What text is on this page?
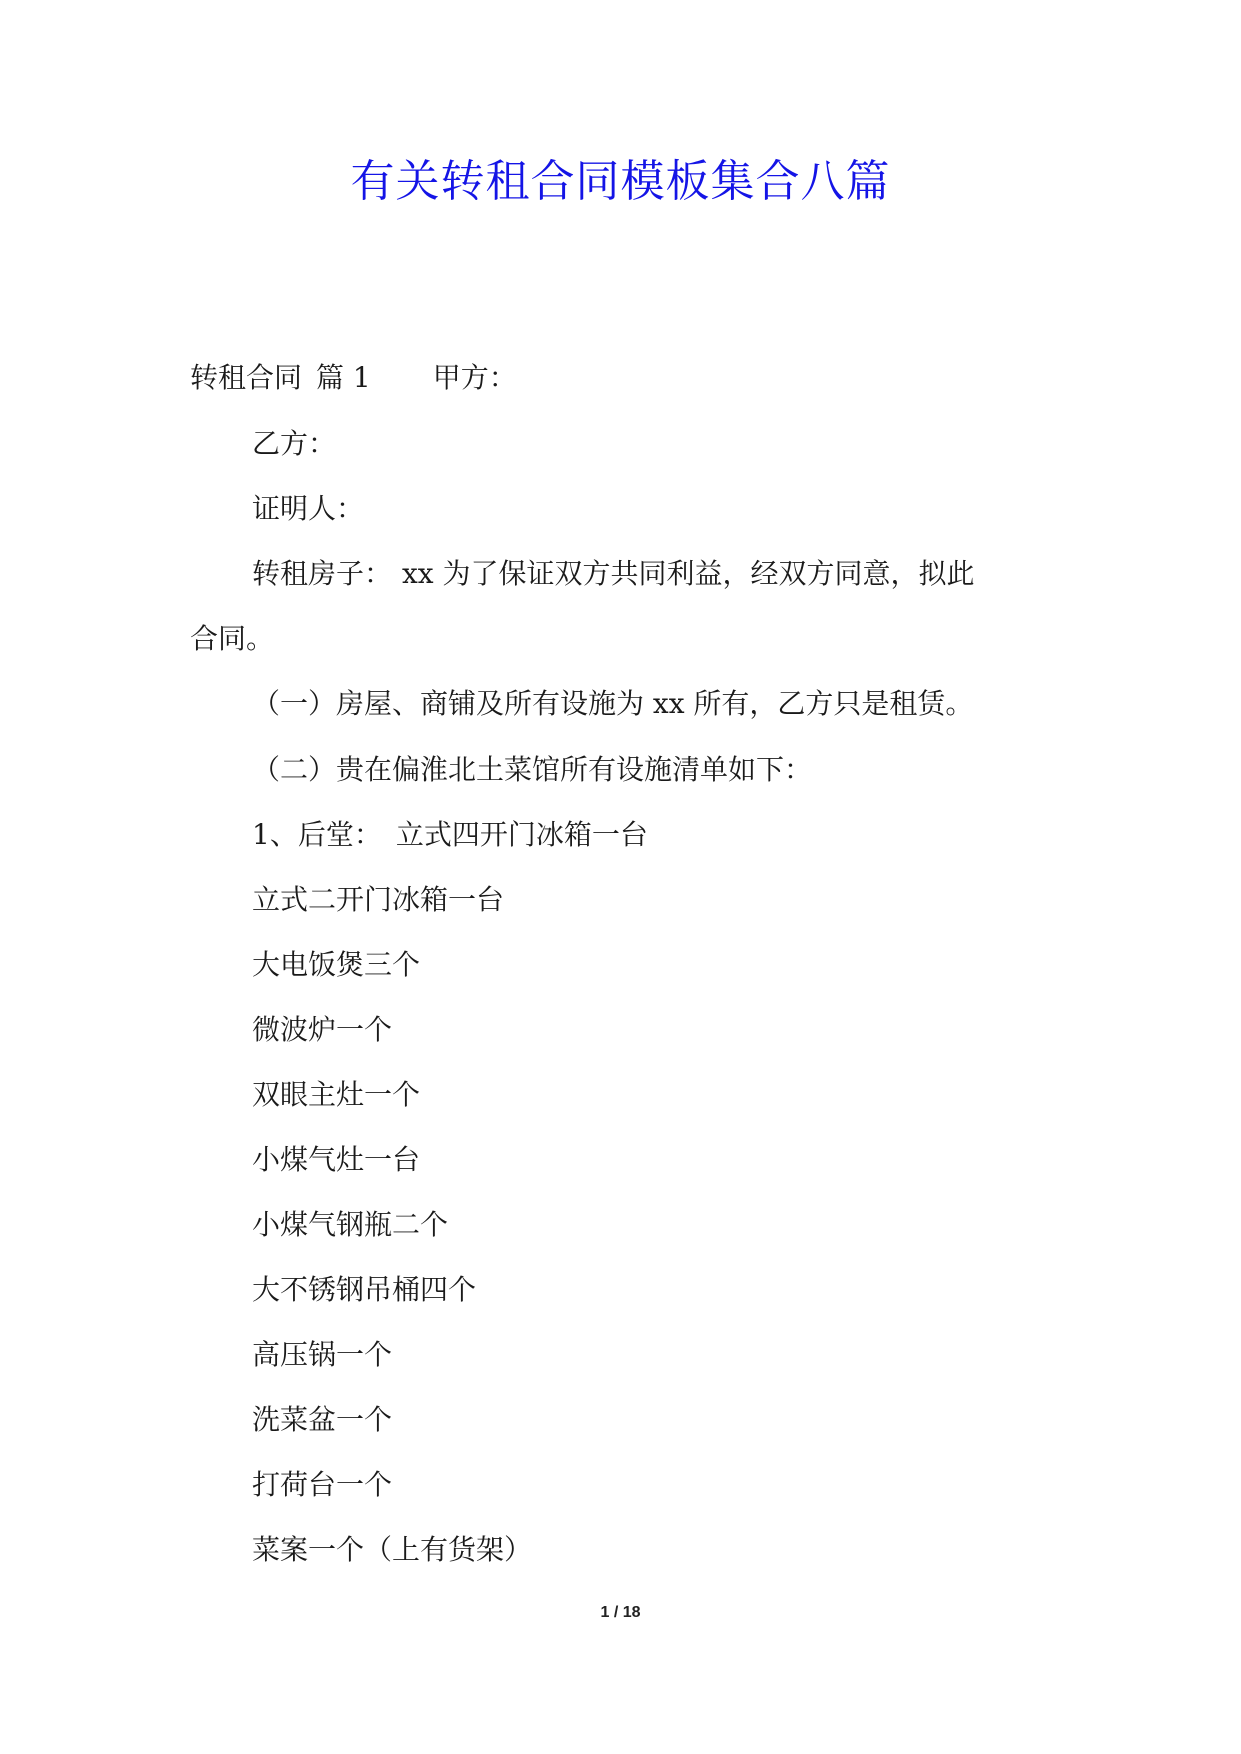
有关转租合同模板集合八篇
转租合同 篇 1 甲方：
乙方：
证明人：
转租房子： xx 为了保证双方共同利益，经双方同意，拟此
合同。
（一）房屋、商铺及所有设施为 xx 所有，乙方只是租赁。
（二）贵在偏淮北土菜馆所有设施清单如下：
1、后堂： 立式四开门冰箱一台
立式二开门冰箱一台
大电饭煲三个
微波炉一个
双眼主灶一个
小煤气灶一台
小煤气钢瓶二个
大不锈钢吊桶四个
高压锅一个
洗菜盆一个
打荷台一个
菜案一个（上有货架）
1 / 18
